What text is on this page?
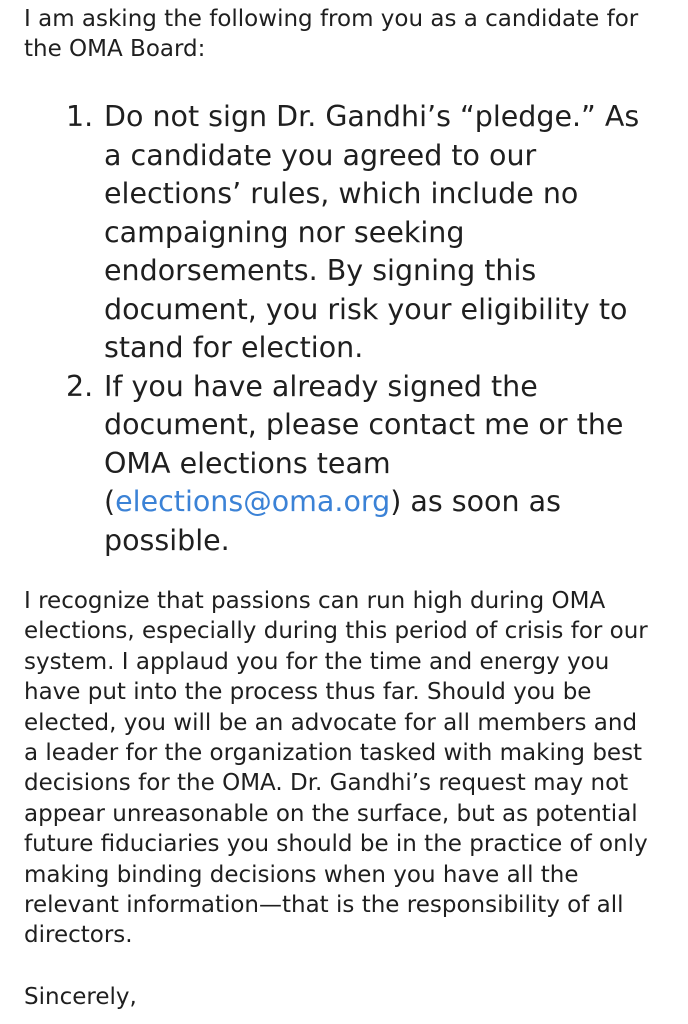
I am asking the following from you as a candidate for
the OMA Board:

1. Do not sign Dr. Gandhi’s “pledge.” As
a candidate you agreed to our
elections’ rules, which include no
campaigning nor seeking
endorsements. By signing this
document, you risk your eligibility to
stand for election.
2. If you have already signed the
document, please contact me or the
OMA elections team
(elections@oma.org) as soon as
possible.

I recognize that passions can run high during OMA
elections, especially during this period of crisis for our
system. I applaud you for the time and energy you
have put into the process thus far. Should you be
elected, you will be an advocate for all members and
a leader for the organization tasked with making best
decisions for the OMA. Dr. Gandhi’s request may not
appear unreasonable on the surface, but as potential
future fiduciaries you should be in the practice of only
making binding decisions when you have all the
relevant information—that is the responsibility of all
directors.

Sincerely,
